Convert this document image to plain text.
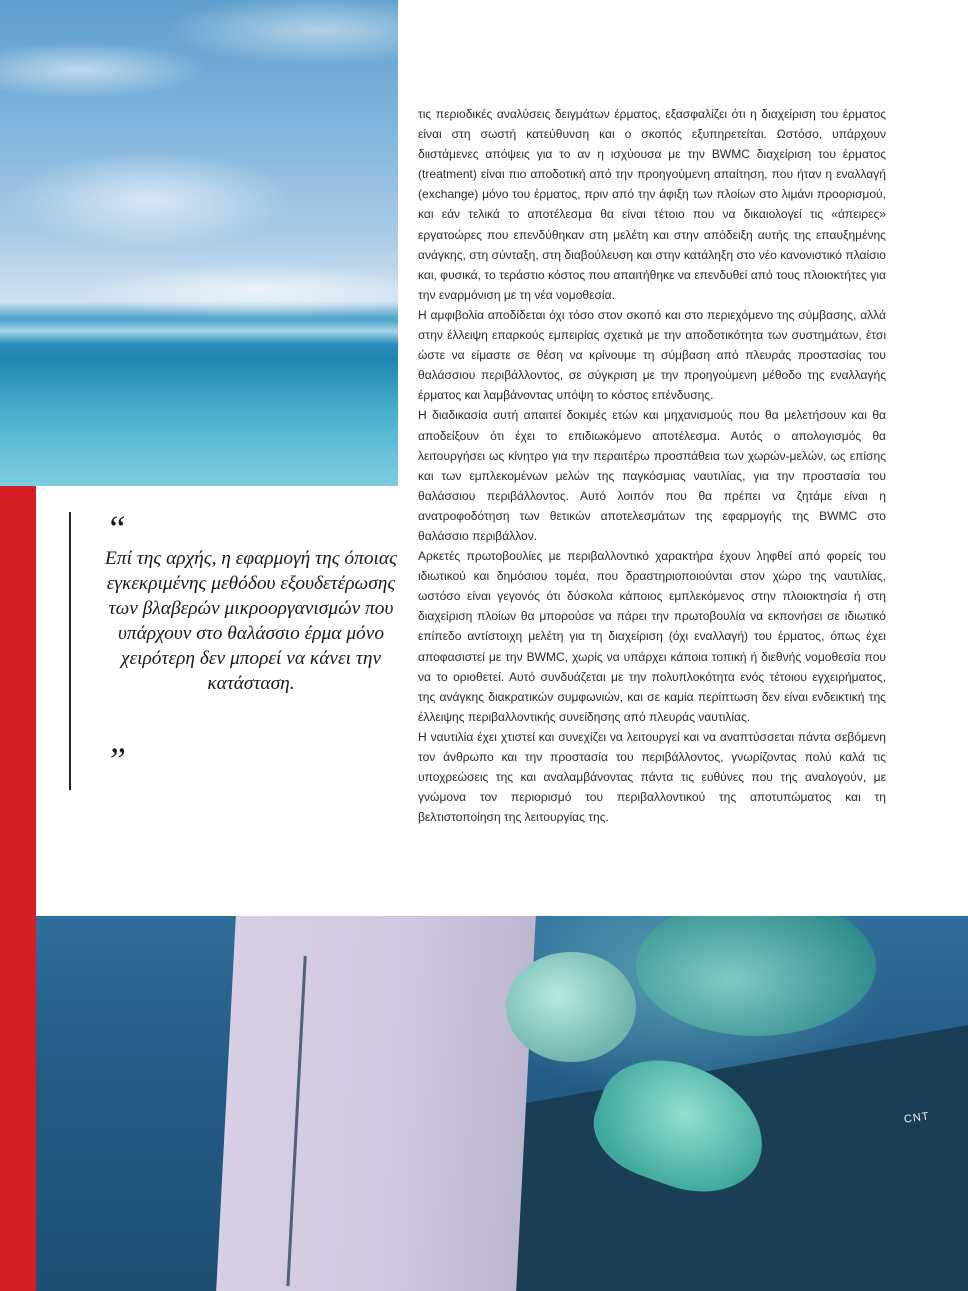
“

Επί της αρχής, η εφαρμογή της όποιας εγκεκριμένης μεθόδου εξουδετέρωσης των βλαβερών μικροοργανισμών που υπάρχουν στο θαλάσσιο έρμα μόνο χειρότερη δεν μπορεί να κάνει την κατάσταση.

”

τις περιοδικές αναλύσεις δειγμάτων έρματος, εξασφαλίζει ότι η διαχείριση του έρματος είναι στη σωστή κατεύθυνση και ο σκοπός εξυπηρετείται. Ωστόσο, υπάρχουν διιστάμενες απόψεις για το αν η ισχύουσα με την BWMC διαχείριση του έρματος (treatment) είναι πιο αποδοτική από την προηγούμενη απαίτηση, που ήταν η εναλλαγή (exchange) μόνο του έρματος, πριν από την άφιξη των πλοίων στο λιμάνι προορισμού, και εάν τελικά το αποτέλεσμα θα είναι τέτοιο που να δικαιολογεί τις «άπειρες» εργατοώρες που επενδύθηκαν στη μελέτη και στην απόδειξη αυτής της επαυξημένης ανάγκης, στη σύνταξη, στη διαβούλευση και στην κατάληξη στο νέο κανονιστικό πλαίσιο και, φυσικά, το τεράστιο κόστος που απαιτήθηκε να επενδυθεί από τους πλοιοκτήτες για την εναρμόνιση με τη νέα νομοθεσία.

Η αμφιβολία αποδίδεται όχι τόσο στον σκοπό και στο περιεχόμενο της σύμβασης, αλλά στην έλλειψη επαρκούς εμπειρίας σχετικά με την αποδοτικότητα των συστημάτων, έτσι ώστε να είμαστε σε θέση να κρίνουμε τη σύμβαση από πλευράς προστασίας του θαλάσσιου περιβάλλοντος, σε σύγκριση με την προηγούμενη μέθοδο της εναλλαγής έρματος και λαμβάνοντας υπόψη το κόστος επένδυσης.

Η διαδικασία αυτή απαιτεί δοκιμές ετών και μηχανισμούς που θα μελετήσουν και θα αποδείξουν ότι έχει το επιδιωκόμενο αποτέλεσμα. Αυτός ο απολογισμός θα λειτουργήσει ως κίνητρο για την περαιτέρω προσπάθεια των χωρών-μελών, ως επίσης και των εμπλεκομένων μελών της παγκόσμιας ναυτιλίας, για την προστασία του θαλάσσιου περιβάλλοντος. Αυτό λοιπόν που θα πρέπει να ζητάμε είναι η ανατροφοδότηση των θετικών αποτελεσμάτων της εφαρμογής της BWMC στο θαλάσσιο περιβάλλον.

Αρκετές πρωτοβουλίες με περιβαλλοντικό χαρακτήρα έχουν ληφθεί από φορείς του ιδιωτικού και δημόσιου τομέα, που δραστηριοποιούνται στον χώρο της ναυτιλίας, ωστόσο είναι γεγονός ότι δύσκολα κάποιος εμπλεκόμενος στην πλοιοκτησία ή στη διαχείριση πλοίων θα μπορούσε να πάρει την πρωτοβουλία να εκπονήσει σε ιδιωτικό επίπεδο αντίστοιχη μελέτη για τη διαχείριση (όχι εναλλαγή) του έρματος, όπως έχει αποφασιστεί με την BWMC, χωρίς να υπάρχει κάποια τοπική ή διεθνής νομοθεσία που να το οριοθετεί. Αυτό συνδυάζεται με την πολυπλοκότητα ενός τέτοιου εγχειρήματος, της ανάγκης διακρατικών συμφωνιών, και σε καμία περίπτωση δεν είναι ενδεικτική της έλλειψης περιβαλλοντικής συνείδησης από πλευράς ναυτιλίας.

Η ναυτιλία έχει χτιστεί και συνεχίζει να λειτουργεί και να αναπτύσσεται πάντα σεβόμενη τον άνθρωπο και την προστασία του περιβάλλοντος, γνωρίζοντας πολύ καλά τις υποχρεώσεις της και αναλαμβάνοντας πάντα τις ευθύνες που της αναλογούν, με γνώμονα τον περιορισμό του περιβαλλοντικού της αποτυπώματος και τη βελτιστοποίηση της λειτουργίας της.

CNT
